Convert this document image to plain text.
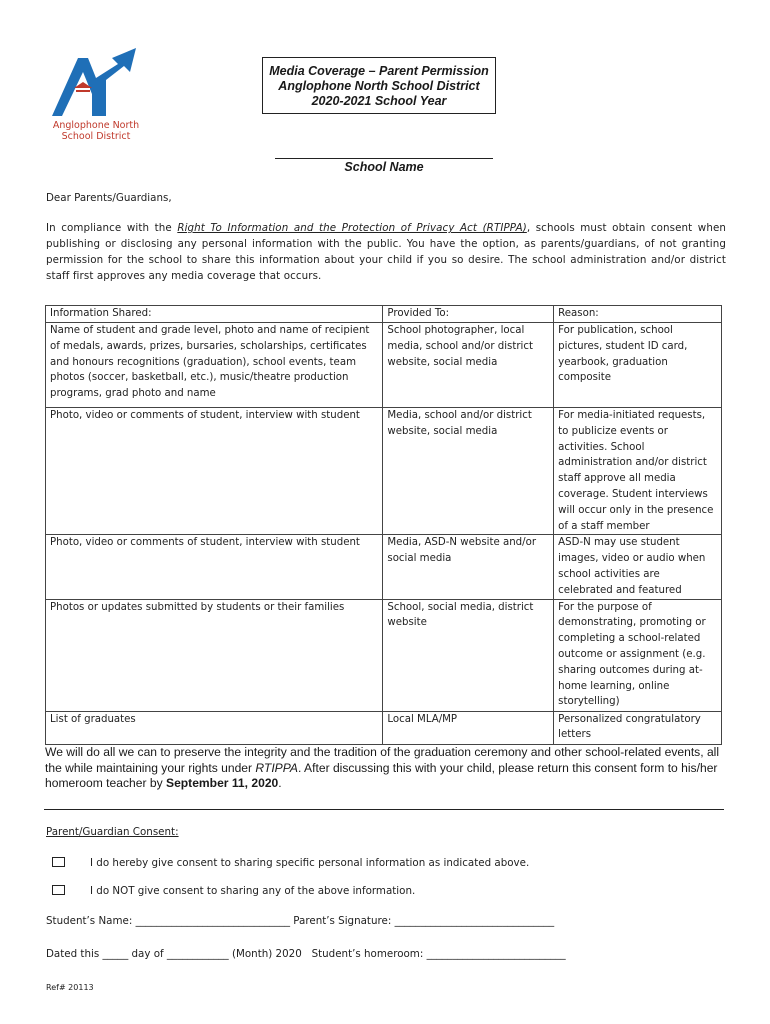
Anglophone North
School District
Media Coverage – Parent Permission
Anglophone North School District
2020-2021 School Year
School Name
Dear Parents/Guardians,
In compliance with the Right To Information and the Protection of Privacy Act (RTIPPA), schools must obtain consent when publishing or disclosing any personal information with the public. You have the option, as parents/guardians, of not granting permission for the school to share this information about your child if you so desire. The school administration and/or district staff first approves any media coverage that occurs.
Information Shared:	Provided To:	Reason:
Name of student and grade level, photo and name of recipient of medals, awards, prizes, bursaries, scholarships, certificates and honours recognitions (graduation), school events, team photos (soccer, basketball, etc.), music/theatre production programs, grad photo and name	School photographer, local media, school and/or district website, social media	For publication, school pictures, student ID card, yearbook, graduation composite
Photo, video or comments of student, interview with student	Media, school and/or district website, social media	For media-initiated requests, to publicize events or activities. School administration and/or district staff approve all media coverage. Student interviews will occur only in the presence of a staff member
Photo, video or comments of student, interview with student	Media, ASD-N website and/or social media	ASD-N may use student images, video or audio when school activities are celebrated and featured
Photos or updates submitted by students or their families	School, social media, district website	For the purpose of demonstrating, promoting or completing a school-related outcome or assignment (e.g. sharing outcomes during at-home learning, online storytelling)
List of graduates	Local MLA/MP	Personalized congratulatory letters
We will do all we can to preserve the integrity and the tradition of the graduation ceremony and other school-related events, all the while maintaining your rights under RTIPPA. After discussing this with your child, please return this consent form to his/her homeroom teacher by September 11, 2020.
Parent/Guardian Consent:
I do hereby give consent to sharing specific personal information as indicated above.
I do NOT give consent to sharing any of the above information.
Student’s Name: ______________________________ Parent’s Signature: _______________________________
Dated this _____ day of ____________ (Month) 2020   Student’s homeroom: ___________________________
Ref# 20113
